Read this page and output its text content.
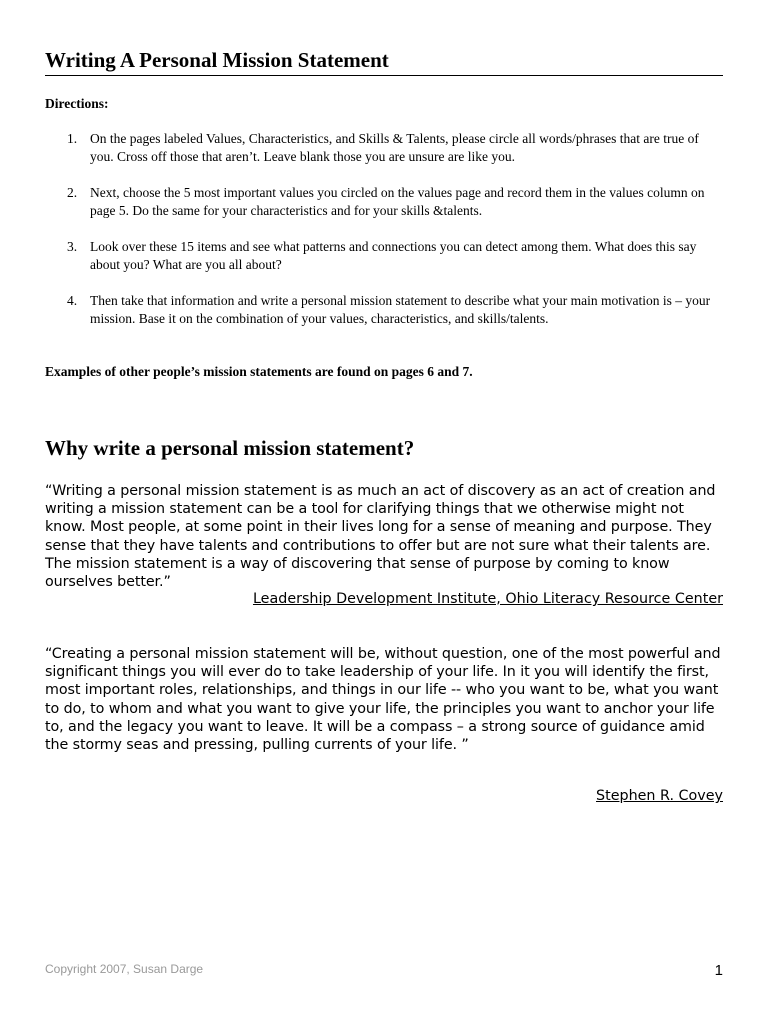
Writing A Personal Mission Statement

Directions:

1. On the pages labeled Values, Characteristics, and Skills & Talents, please circle all words/phrases that are true of you. Cross off those that aren’t. Leave blank those you are unsure are like you.
2. Next, choose the 5 most important values you circled on the values page and record them in the values column on page 5. Do the same for your characteristics and for your skills &talents.
3. Look over these 15 items and see what patterns and connections you can detect among them. What does this say about you? What are you all about?
4. Then take that information and write a personal mission statement to describe what your main motivation is – your mission. Base it on the combination of your values, characteristics, and skills/talents.

Examples of other people’s mission statements are found on pages 6 and 7.

Why write a personal mission statement?

“Writing a personal mission statement is as much an act of discovery as an act of creation and writing a mission statement can be a tool for clarifying things that we otherwise might not know. Most people, at some point in their lives long for a sense of meaning and purpose. They sense that they have talents and contributions to offer but are not sure what their talents are. The mission statement is a way of discovering that sense of purpose by coming to know ourselves better.”

Leadership Development Institute, Ohio Literacy Resource Center

“Creating a personal mission statement will be, without question, one of the most powerful and significant things you will ever do to take leadership of your life. In it you will identify the first, most important roles, relationships, and things in our life -- who you want to be, what you want to do, to whom and what you want to give your life, the principles you want to anchor your life to, and the legacy you want to leave. It will be a compass – a strong source of guidance amid the stormy seas and pressing, pulling currents of your life. ”

Stephen R. Covey

Copyright 2007, Susan Darge	1
